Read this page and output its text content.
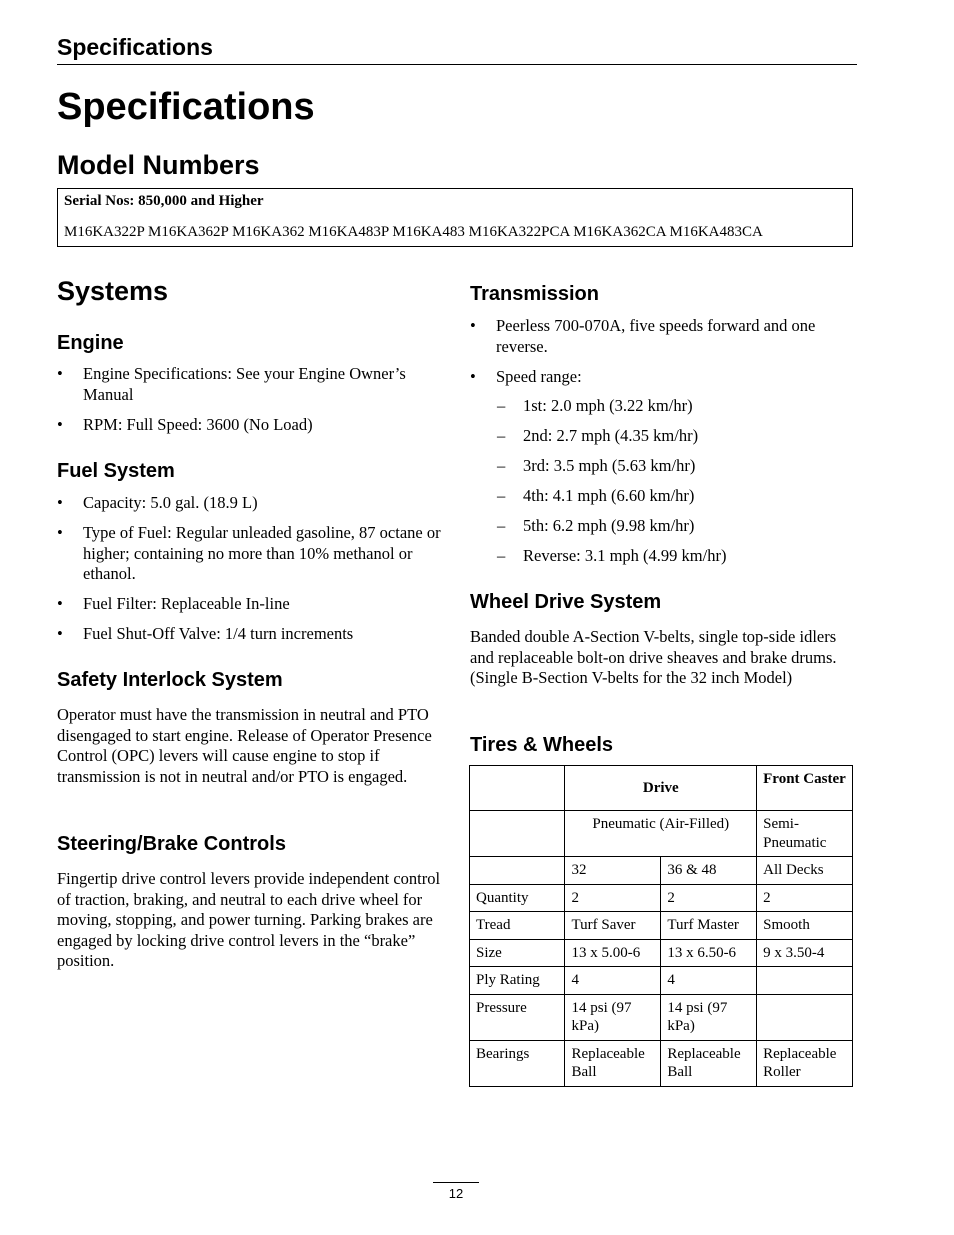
Specifications
Specifications
Model Numbers
Serial Nos: 850,000 and Higher
M16KA322P M16KA362P M16KA362 M16KA483P M16KA483 M16KA322PCA M16KA362CA M16KA483CA
Systems
Engine
• Engine Specifications: See your Engine Owner’s Manual
• RPM: Full Speed: 3600 (No Load)
Fuel System
• Capacity: 5.0 gal. (18.9 L)
• Type of Fuel: Regular unleaded gasoline, 87 octane or higher; containing no more than 10% methanol or ethanol.
• Fuel Filter: Replaceable In-line
• Fuel Shut-Off Valve: 1/4 turn increments
Safety Interlock System

Operator must have the transmission in neutral and PTO disengaged to start engine. Release of Operator Presence Control (OPC) levers will cause engine to stop if transmission is not in neutral and/or PTO is engaged.

Steering/Brake Controls

Fingertip drive control levers provide independent control of traction, braking, and neutral to each drive wheel for moving, stopping, and power turning. Parking brakes are engaged by locking drive control levers in the “brake” position.

Transmission
• Peerless 700-070A, five speeds forward and one reverse.
• Speed range:
– 1st: 2.0 mph (3.22 km/hr)
– 2nd: 2.7 mph (4.35 km/hr)
– 3rd: 3.5 mph (5.63 km/hr)
– 4th: 4.1 mph (6.60 km/hr)
– 5th: 6.2 mph (9.98 km/hr)
– Reverse: 3.1 mph (4.99 km/hr)
Wheel Drive System

Banded double A-Section V-belts, single top-side idlers and replaceable bolt-on drive sheaves and brake drums. (Single B-Section V-belts for the 32 inch Model)

Tires & Wheels
	Drive		Front Caster
	Pneumatic (Air-Filled)		Semi-Pneumatic
	32	36 & 48	All Decks
Quantity	2	2	2
Tread	Turf Saver	Turf Master	Smooth
Size	13 x 5.00-6	13 x 6.50-6	9 x 3.50-4
Ply Rating	4	4	
Pressure	14 psi (97 kPa)	14 psi (97 kPa)	
Bearings	Replaceable Ball	Replaceable Ball	Replaceable Roller
12
